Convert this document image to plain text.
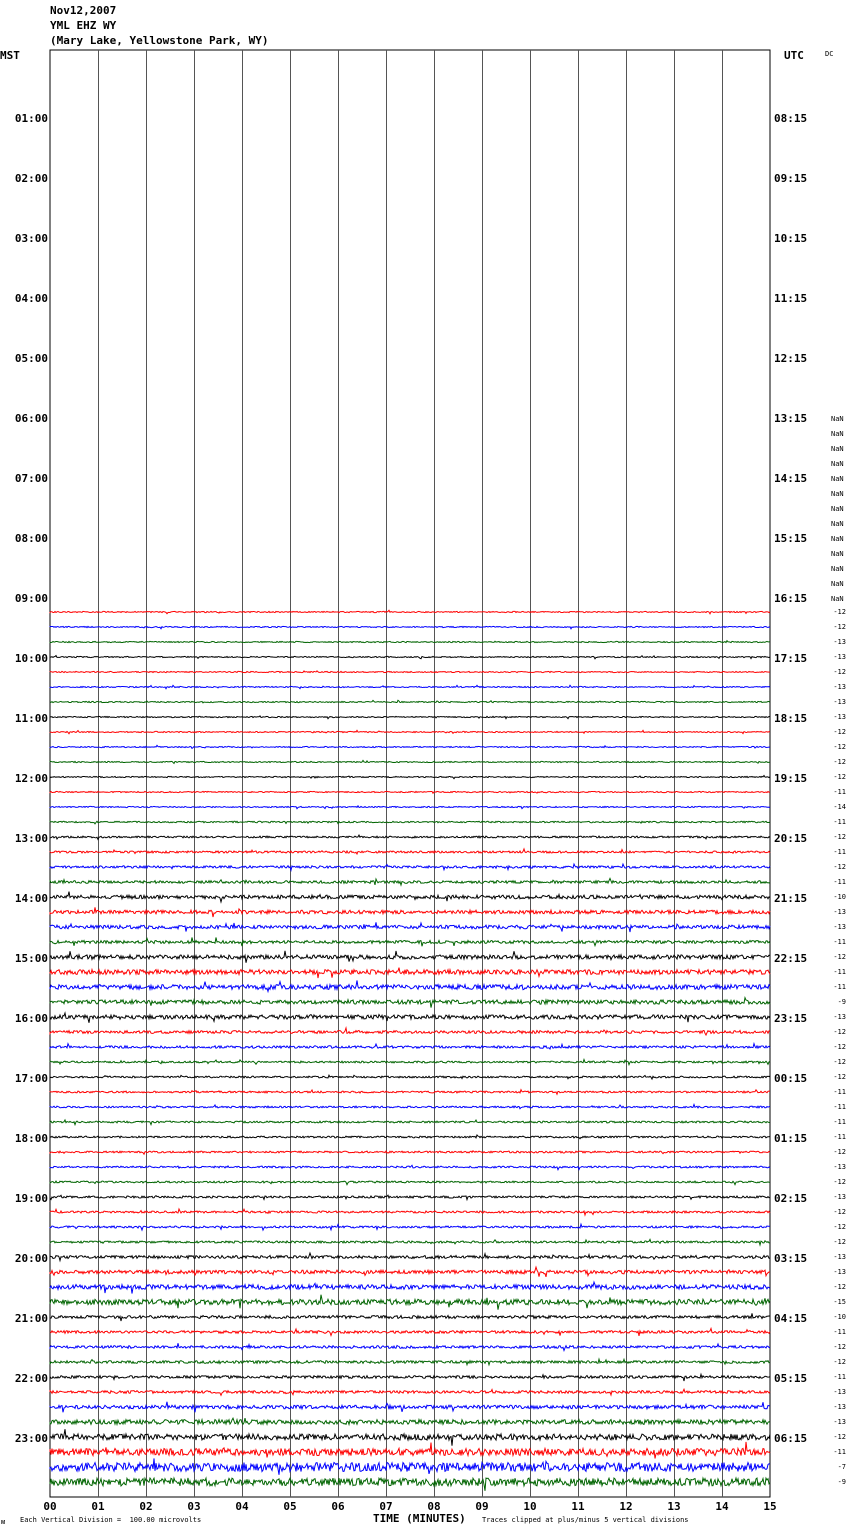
Nov12,2007
YML EHZ WY
(Mary Lake, Yellowstone Park, WY)
MST	UTC	DC
00	01	02	03	04	05	06	07	08	09	10	11	12	13	14	15
01:00
02:00
03:00
04:00
05:00
06:00
07:00
08:00
09:00
10:00
11:00
12:00
13:00
14:00
15:00
16:00
17:00
18:00
19:00
20:00
21:00
22:00
23:00
08:15
09:15
10:15
11:15
12:15
13:15
14:15
15:15
16:15
17:15
18:15
19:15
20:15
21:15
22:15
23:15
00:15
01:15
02:15
03:15
04:15
05:15
06:15
NaN
NaN
NaN
NaN
NaN
NaN
NaN
NaN
NaN
NaN
NaN
NaN
NaN
-12
-12
-13
-13
-12
-13
-13
-13
-12
-12
-12
-12
-11
-14
-11
-12
-11
-12
-11
-10
-13
-13
-11
-12
-11
-11
-9
-13
-12
-12
-12
-12
-11
-11
-11
-11
-12
-13
-12
-13
-12
-12
-12
-13
-13
-12
-15
-10
-11
-12
-12
-11
-13
-13
-13
-12
-11
-7
-9
ᴍ Each Vertical Division =  100.00 microvolts	TIME (MINUTES) Traces clipped at plus/minus 5 vertical divisions
